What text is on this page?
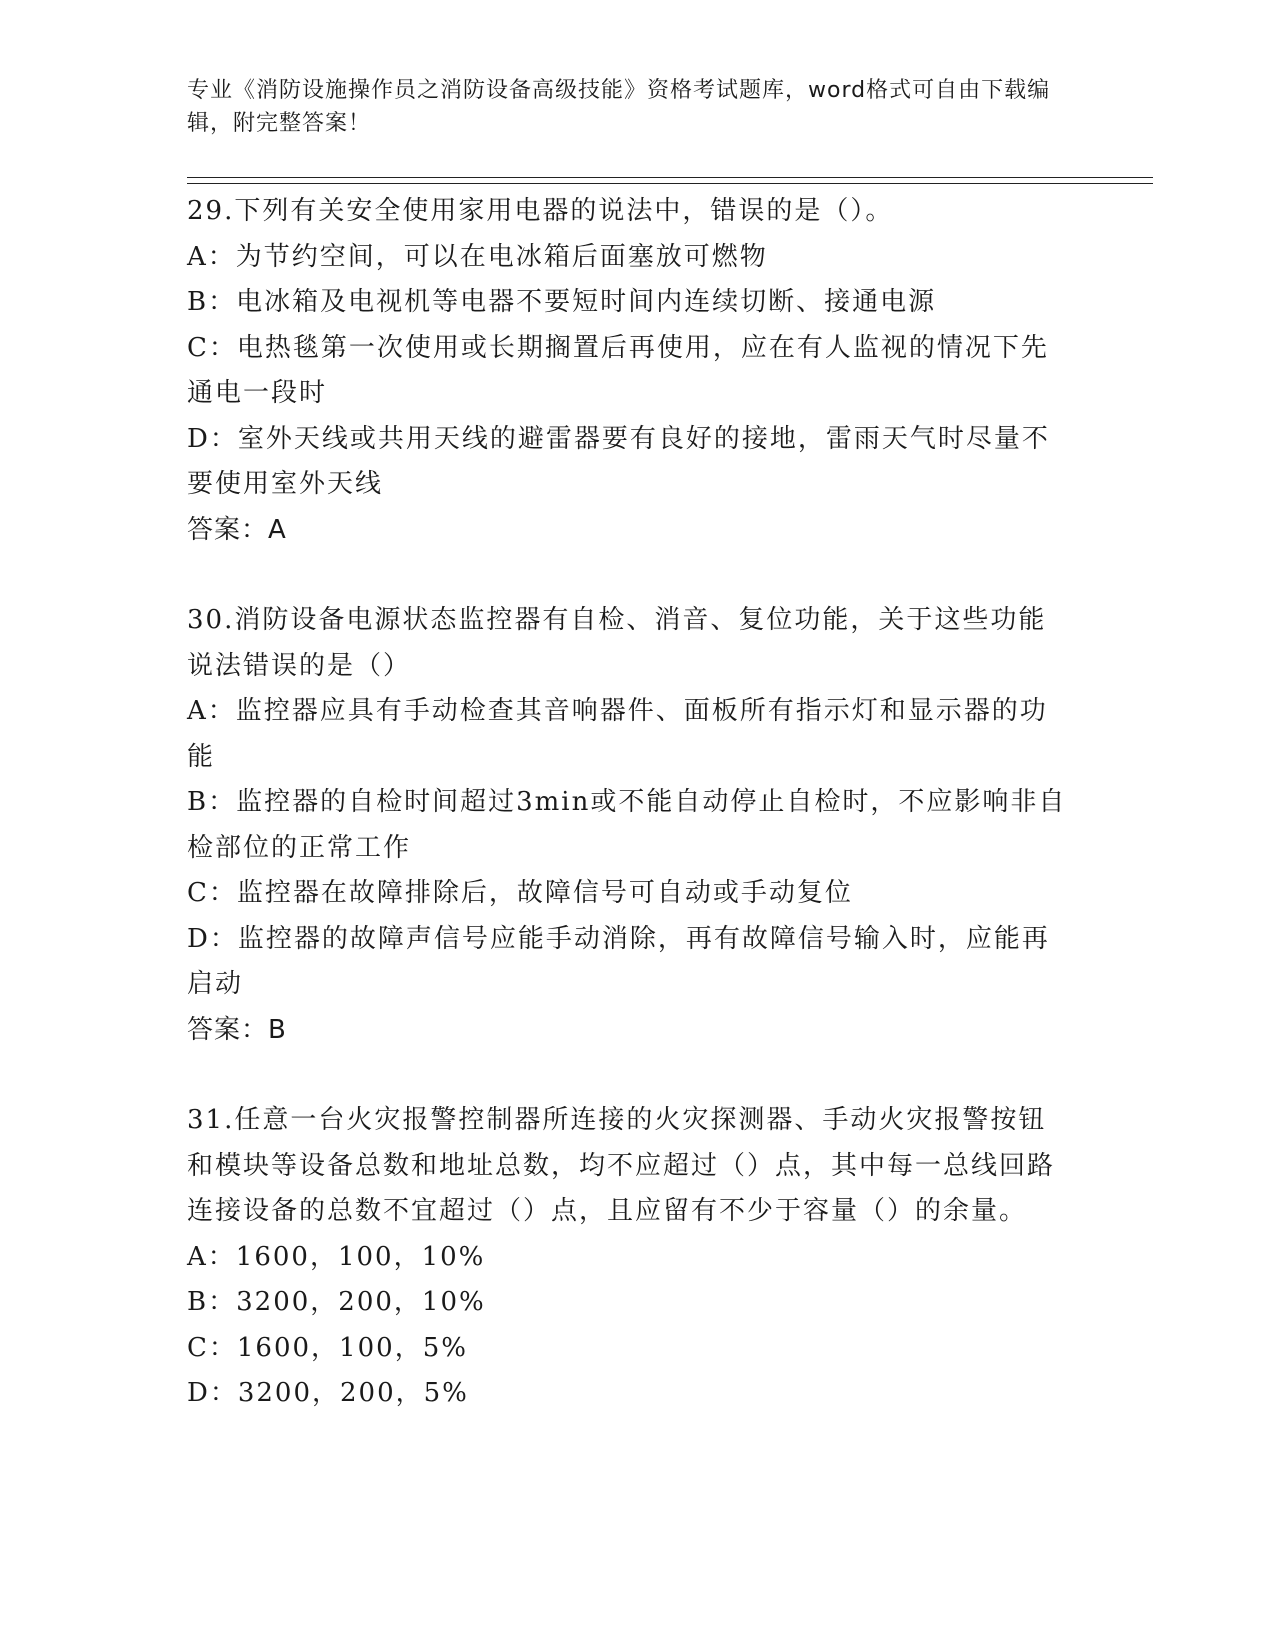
专业《消防设施操作员之消防设备高级技能》资格考试题库，word格式可自由下载编辑，附完整答案！

29.下列有关安全使用家用电器的说法中，错误的是（）。

A：为节约空间，可以在电冰箱后面塞放可燃物

B：电冰箱及电视机等电器不要短时间内连续切断、接通电源

C：电热毯第一次使用或长期搁置后再使用，应在有人监视的情况下先通电一段时

D：室外天线或共用天线的避雷器要有良好的接地，雷雨天气时尽量不要使用室外天线

答案：A

30.消防设备电源状态监控器有自检、消音、复位功能，关于这些功能说法错误的是（）

A：监控器应具有手动检查其音响器件、面板所有指示灯和显示器的功能

B：监控器的自检时间超过3min或不能自动停止自检时，不应影响非自检部位的正常工作

C：监控器在故障排除后，故障信号可自动或手动复位

D：监控器的故障声信号应能手动消除，再有故障信号输入时，应能再启动

答案：B

31.任意一台火灾报警控制器所连接的火灾探测器、手动火灾报警按钮和模块等设备总数和地址总数，均不应超过（）点，其中每一总线回路连接设备的总数不宜超过（）点，且应留有不少于容量（）的余量。

A：1600，100，10%

B：3200，200，10%

C：1600，100，5%

D：3200，200，5%
